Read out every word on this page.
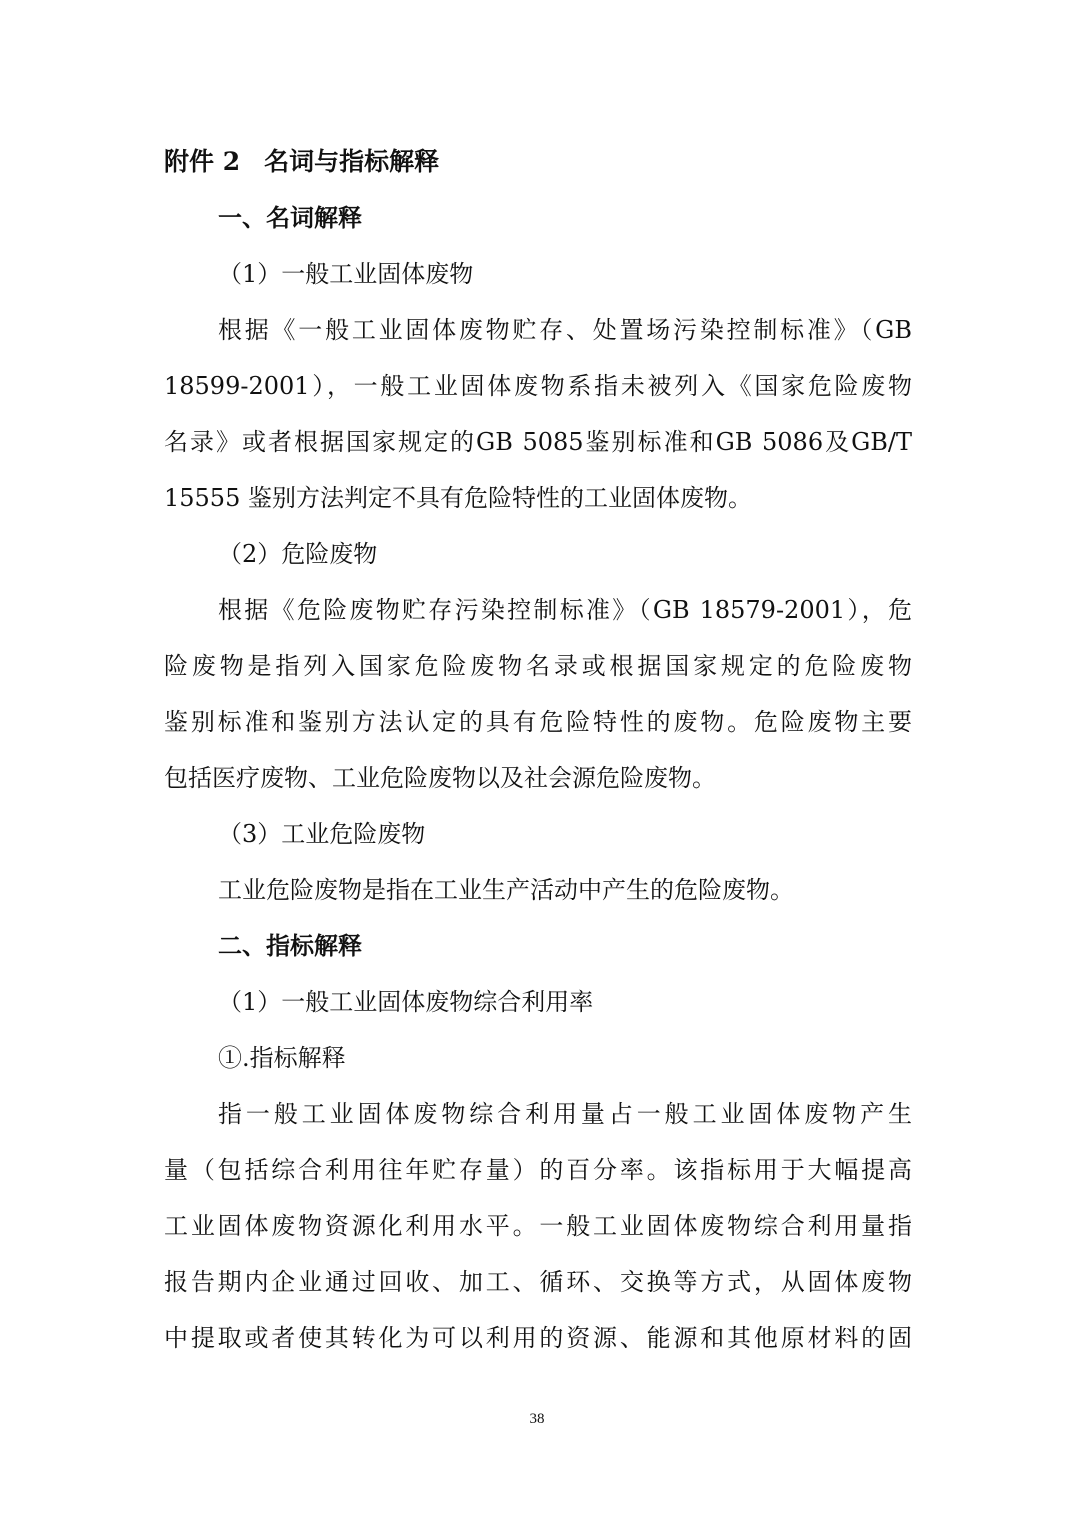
附件 2 名词与指标解释
一、名词解释
（1）一般工业固体废物
根据《一般工业固体废物贮存、处置场污染控制标准》（GB
18599-2001），一般工业固体废物系指未被列入《国家危险废物
名录》或者根据国家规定的GB 5085鉴别标准和GB 5086及GB/T
15555 鉴别方法判定不具有危险特性的工业固体废物。
（2）危险废物
根据《危险废物贮存污染控制标准》（GB 18579-2001），危
险废物是指列入国家危险废物名录或根据国家规定的危险废物
鉴别标准和鉴别方法认定的具有危险特性的废物。危险废物主要
包括医疗废物、工业危险废物以及社会源危险废物。
（3）工业危险废物
工业危险废物是指在工业生产活动中产生的危险废物。
二、指标解释
（1）一般工业固体废物综合利用率
①.指标解释
指一般工业固体废物综合利用量占一般工业固体废物产生
量（包括综合利用往年贮存量）的百分率。该指标用于大幅提高
工业固体废物资源化利用水平。一般工业固体废物综合利用量指
报告期内企业通过回收、加工、循环、交换等方式，从固体废物
中提取或者使其转化为可以利用的资源、能源和其他原材料的固
38
